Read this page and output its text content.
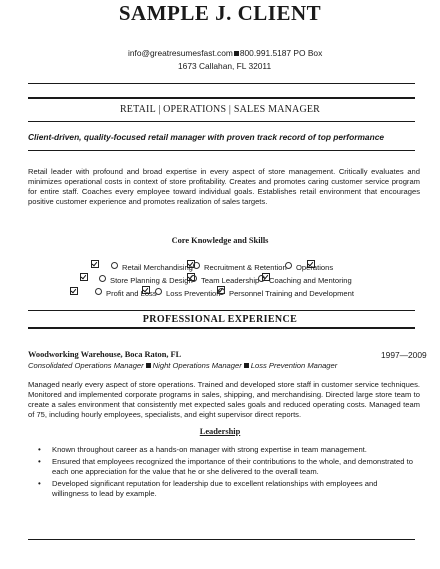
SAMPLE J. CLIENT
info@greatresumesfast.com 800.991.5187 PO Box
1673 Callahan, FL 32011
RETAIL | OPERATIONS | SALES MANAGER
Client-driven, quality-focused retail manager with proven track record of top performance
Retail leader with profound and broad expertise in every aspect of store management. Critically evaluates and minimizes operational costs in context of store profitability. Creates and promotes caring customer service program for entire staff. Coaches every employee toward individual goals. Establishes retail environment that encourages positive customer experience and promotes realization of sales targets.
Core Knowledge and Skills
Retail Merchandising	Recruitment & Retention	Operations
Store Planning & Design	Team Leadership	Coaching and Mentoring
Profit and Loss	Loss Prevention	Personnel Training and Development
PROFESSIONAL EXPERIENCE
Woodworking Warehouse, Boca Raton, FL	1997—2009
Consolidated Operations Manager Night Operations Manager Loss Prevention Manager
Managed nearly every aspect of store operations. Trained and developed store staff in customer service techniques. Monitored and implemented corporate programs in sales, shipping, and merchandising. Directed large store team to create a sales environment that consistently met expected sales goals and reduced operating costs. Managed team of 75, including hourly employees, specialists, and eight supervisor direct reports.
Leadership
• Known throughout career as a hands-on manager with strong expertise in team management.
• Ensured that employees recognized the importance of their contributions to the whole, and demonstrated to each one appreciation for the value that he or she delivered to the overall team.
• Developed significant reputation for leadership due to excellent relationships with employees and willingness to lead by example.
